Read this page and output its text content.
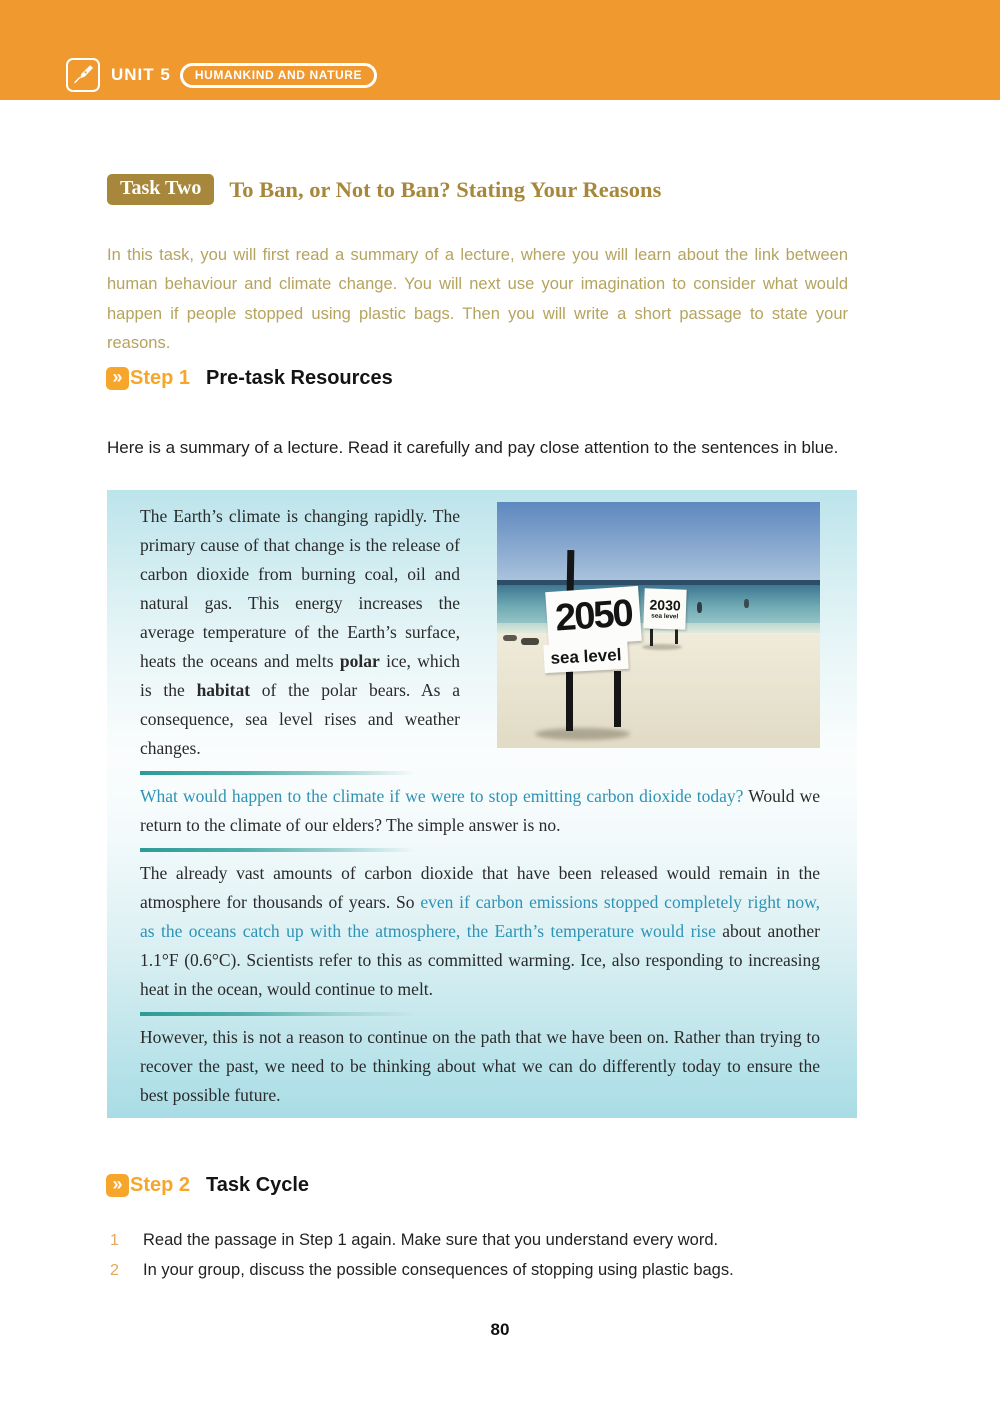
UNIT 5	HUMANKIND AND NATURE
Task Two	To Ban, or Not to Ban? Stating Your Reasons

In this task, you will first read a summary of a lecture, where you will learn about the link between human behaviour and climate change. You will next use your imagination to consider what would happen if people stopped using plastic bags. Then you will write a short passage to state your reasons.

» Step 1 Pre-task Resources

Here is a summary of a lecture. Read it carefully and pay close attention to the sentences in blue.

2050
sea level
2030
sea level

The Earth’s climate is changing rapidly. The primary cause of that change is the release of carbon dioxide from burning coal, oil and natural gas. This energy increases the average temperature of the Earth’s surface, heats the oceans and melts polar ice, which is the habitat of the polar bears. As a consequence, sea level rises and weather changes.

What would happen to the climate if we were to stop emitting carbon dioxide today? Would we return to the climate of our elders? The simple answer is no.

The already vast amounts of carbon dioxide that have been released would remain in the atmosphere for thousands of years. So even if carbon emissions stopped completely right now, as the oceans catch up with the atmosphere, the Earth’s temperature would rise about another 1.1°F (0.6°C). Scientists refer to this as committed warming. Ice, also responding to increasing heat in the ocean, would continue to melt.

However, this is not a reason to continue on the path that we have been on. Rather than trying to recover the past, we need to be thinking about what we can do differently today to ensure the best possible future.

» Step 2 Task Cycle
1	Read the passage in Step 1 again. Make sure that you understand every word.
2	In your group, discuss the possible consequences of stopping using plastic bags.
80
